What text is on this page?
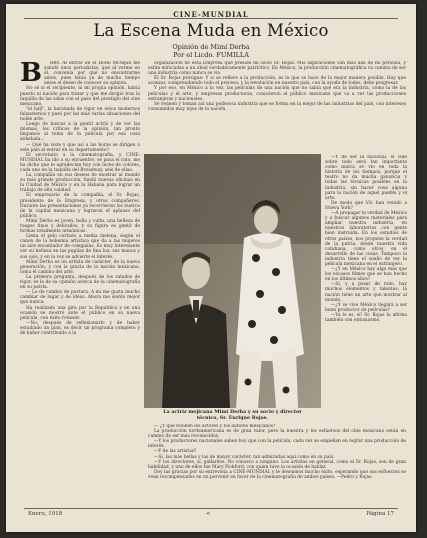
CINE-MUNDIAL
La Escena Muda en México
Opinión de Mimí Derba
Por el Licdo. FUMILLA
B	RRY. Al entrar en el Hotel McAlpin me saludó unos periodistas, que al verme en él, convenía por qué no encontrarme antes, pues tenía ya de mucho tiempo antes el deseo de conocer su opinión.

No sé si el recipiente, ni mi propia opinión, había puesto ni nacido para tratar y que me dirigió tras la taquilla de las salas con el paso del prestigio del cine mexicano.

"el hall", la baraúnda de rigor en estos modernos falansterios y pasó por las más varias situaciones del noble arte.

Luego de buscar a la gentil actriz y de ver las mismas, los críticos de la opinión, tan pronto llegamos al tema de la película por esa cosa anhelada...

— Qué ha viste y que así a las horas se dirigen a este país al entrar en su departamento?

El secretario a la cinematografía, y CINE-MUNDIAL ha ido a su encuentro, se pasa el rato, me ha dicho que le agradecían hoy con luces de colores, cada uno en la taquilla del Broadway, seis de ellas.

La compañía en sus deseos de mostrar al mundo su más grande producción, fundó nuevas oficinas en la Ciudad de México y en la Habana para lograr un trabajo de alta calidad.

El empresario de la compañía, el Sr. Rojas, presidente de la Empresa, y otros compañeros. Durante las presentaciones ya recorrieron los teatros de la capital mexicana y lograron el aplauso del público.

Mimí Derba es joven, bella y culta, una belleza de rasgos finos y delicados, y su figura es gentil de formas totalmente armónicas.

Llena el pelo cortado a media melena, según el canon de la bohemia artística que da a las mujeres un aire encantador de colegialas. Es muy interesante ver su belleza en las pupilas de fina luz; sus manos y sus ojos, y en la voz se advierte el interés.

Mimí Derba es un artista de carácter, de la nueva generación, y con la gracia de la nación mexicana, toma el camino del arte.

La primera pregunta, después de los saludos de rigor, es la de su opinión acerca de la cinematografía en su patria.

— Lo de cambio de postura. A mí me gusta mucho cambiar de lugar y de ideas. Ahora me siento mejor que nunca.

Ha realizado una gira por la República y en una ocasión se mostró ante el público en su nueva película, con éxito rotundo.

—No; después de reflexionarlo y de haber estudiado un plan, es decir un programa completo y de haber contribuido a la

organización de esta Empresa que preside mi socio Sr. Rojas. Mis aspiraciones van más allá de mi persona, y están enfocadas a un ideal verdaderamente patriótico. En México, la producción cinematográfica va camino de ser una industria como nunca se vio.

El Sr. Rojas prosigue: Y si se refiere a la producción, es la que se hace de la mejor manera posible. Hay que avanzar, comprendiendo todo el proceso, y la revolución en nuestro país, con la ayuda de todos, debe progresar.

Y por eso, en México a la vez, las películas de una nación que no sabía qué era la industria, como la de las películas y el arte, y empresas productoras, conocieron el público mexicano que va a ver las producciones extranjeras y nacionales.

Se reúnen y toman así una poderosa industria que se forma en la mejor de las industrias del país, con intereses consumidos muy lejos de la nación.

—Y de ser la nacional, el cine sobre todo será tan importante como nunca se vio en toda la historia de los tiempos, porque el teatro no da mucha ganancia y todas las técnicas posibles en la industria, sin hacer cosa alguna para la nación de aquel pueblo y el arte.

De modo que Vd. han venido a Nueva York?

—A propagar la verdad de México y a buscar algunos materiales para ampliar nuestra industria, en nuestros laboratorios con gente bien instruida. En los estudios de otros países, nos propone la verdad de la patria: desde nuestra vida cotidiana, como otros, en el desarrollo de las cosas. Tampoco la industria tiene el sueño de ver la película mexicana en el extranjero.

—¿Y en México hay algo más que los escasos filmes que se han hecho en los últimos años?

—Sí, y a pesar de todo, hay muchos elementos y talentos; la nación tiene un arte que mostrar al mundo.

—¿Y se vive México llegará a ser buen productor de películas?

—Ya lo es, sí! Sr. Rojas lo afirma también con entusiasmo.

La actriz mejicana Mimí Derba y su socio y director
técnico, Sr. Enrique Rojas.

— ¿Y qué reciben los actores y los autores mexicanos?

La producción norteamericana es de gran valor, pero la nuestra y los esfuerzos del cine mexicano están en camino de ser más reconocidos.

—Y los productores nacionales saben hoy que con la película, cada vez se empeñan en lograr una producción de interés.

—Y de las artistas?

—Sí, las más bellas y las de mayor carácter, tan admiradas aquí como en su país.

—Y los directores, sí, gallardos. No conozco a ninguno. Los artistas en general, como el Sr. Rojas, son de gran habilidad, y uno de ellos fue Mary Pickford, con quien tuve la ocasión de hablar.

Doy las gracias por su entrevista a CINE-MUNDIAL y le deseamos mucho éxito, esperando que sus esfuerzos se vean recompensados en un porvenir en favor de la cinematografía de ambos países. —Pedro y Rojas.

Enero, 1918	<	Página 17
